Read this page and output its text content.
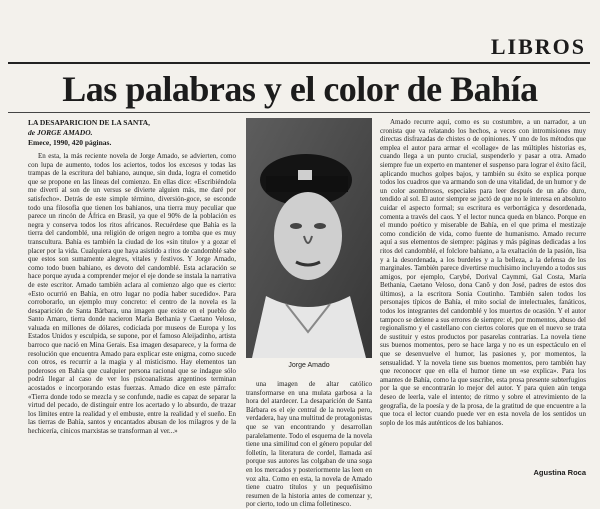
LIBROS
Las palabras y el color de Bahía
LA DESAPARICION DE LA SANTA,
de JORGE AMADO.
Emece, 1990, 420 páginas.

En esta, la más reciente novela de Jorge Amado, se advierten, como con lupa de aumento, todos los aciertos, todos los excesos y todas las trampas de la escritura del bahiano, aunque, sin duda, logra el cometido que se propone en las líneas del comienzo. En ellas dice: «Escribiéndola me divertí al son de un versus se divierte alguien más, me daré por satisfecho». Detrás de este simple término, diversión-goce, se esconde todo una filosofía que tienen los bahianos, una tierra muy peculiar que parece un rincón de África en Brasil, ya que el 90% de la población es negra y conserva todos los ritos africanos. Recuérdese que Bahía es la tierra del candomblé, una religión de origen negro a tomba que es muy transcultura. Bahía es también la ciudad de los «sin titulo» y a gozar el placer por la vida. Cualquiera que haya asistido a ritos de candomblé sabe que estos son sumamente alegres, vitales y festivos. Y Jorge Amado, como todo buen bahiano, es devoto del candomblé. Esta aclaración se hace porque ayuda a comprender mejor el eje donde se instala la narrativa de este escritor. Amado también aclara al comienzo algo que es cierto: «Esto ocurrió en Bahía, en otro lugar no podía haber sucedido». Para corroborarlo, un ejemplo muy concreto: el centro de la novela es la desaparición de Santa Bárbara, una imagen que existe en el pueblo de Santo Amaro, tierra donde nacieron María Bethania y Caetano Veloso, valuada en millones de dólares, codiciada por museos de Europa y los Estados Unidos y esculpida, se supone, por el famoso Aleijadinho, artista barroco que nació en Mina Gerais. Esa imagen desaparece, y la forma de resolución que encuentra Amado para explicar este enigma, como sucede con otros, es recurrir a la magia y al misticismo. Hay elementos tan poderosos en Bahía que cualquier persona racional que se indague sólo podrá llegar al caso de ver los psicoanalistas argentinos terminan acostados e incorporando estas fuerzas. Amado dice en este párrafo: «Tierra donde todo se mezcla y se confunde, nadie es capaz de separar la virtud del pecado, de distinguir entre los acertado y lo absurdo, de trazar los límites entre la realidad y el embuste, entre la realidad y el sueño. En las tierras de Bahía, santos y encantados abusan de los milagros y de la hechicería, cínicos marxistas se transforman al ver...»

Jorge Amado

una imagen de altar católico transformarse en una mulata garbosa a la hora del atardecer. La desaparición de Santa Bárbara es el eje central de la novela pero, verdadera, hay una multitud de protagonistas que se van encontrando y desarrollan paralelamente. Todo el esquema de la novela tiene una similitud con el género popular del folletín, la literatura de cordel, llamada así porque sus autores las colgaban de una soga en los mercados y posteriormente las leen en voz alta. Como en esta, la novela de Amado tiene cuatro títulos y un pequeñísimo resumen de la historia antes de comenzar y, por cierto, todo un clima folletinesco.

Amado recurre aquí, como es su costumbre, a un narrador, a un cronista que va relatando los hechos, a veces con intromisiones muy directas disfrazadas de chistes o de opiniones. Y uno de los métodos que emplea el autor para armar el «collage» de las múltiples historias es, cuando llega a un punto crucial, suspenderlo y pasar a otra. Amado siempre fue un experto en mantener el suspenso para lograr el éxito fácil, aplicando muchos golpes bajos, y también su éxito se explica porque todos los cuadros que va armando son de una vitalidad, de un humor y de un color asombrosos, especiales para leer después de un año duro, tendido al sol. El autor siempre se jactó de que no le interesa en absoluto cuidar el aspecto formal; su escritura es verborrágica y desordenada, comenta a través del caos. Y el lector nunca queda en blanco. Porque en el mundo poético y miserable de Bahía, en el que prima el mestizaje como condición de vida, como fuente de humanismo. Amado recurre aquí a sus elementos de siempre: páginas y más páginas dedicadas a los ritos del candomblé, el folclore bahiano, a la exaltación de la pasión, lisa y a la desordenada, a los burdeles y a la belleza, a la defensa de los marginales. También parece divertirse muchísimo incluyendo a todos sus amigos, por ejemplo, Carybé, Dorival Caymmi, Gal Costa, María Bethania, Caetano Veloso, dona Canô y don José, padres de estos dos últimos), a la escritora Sonia Coutinho. También salen todos los personajes típicos de Bahía, el mito social de intelectuales, fanáticos, todos los integrantes del candomblé y los muertos de ocasión. Y el autor tampoco se detiene a sus errores de siempre: el, por momentos, abuso del regionalismo y el castellano con ciertos colores que en el nuevo se trata de sustituir y estos productos por pasarelas contrarias. La novela tiene sus buenos momentos, pero se hace larga y no es un espectáculo en el que se desenvuelve el humor, las pasiones y, por momentos, la sensualidad. Y la novela tiene sus buenos momentos, pero también hay que reconocer que en ella el humor tiene un «se explica». Para los amantes de Bahía, como la que suscribe, esta prosa presente subterfugios por la que se encontrarán lo mejor del autor. Y para quien aún tenga deseo de leerla, vale el intento; de ritmo y sobre el atrevimiento de la geografía, de la poesía y de la prosa, de la gratitud de que encuentre a la que toca el lector cuando puede ver en esta novela de los sentidos un soplo de los más auténticos de los bahianos.

Agustina Roca
